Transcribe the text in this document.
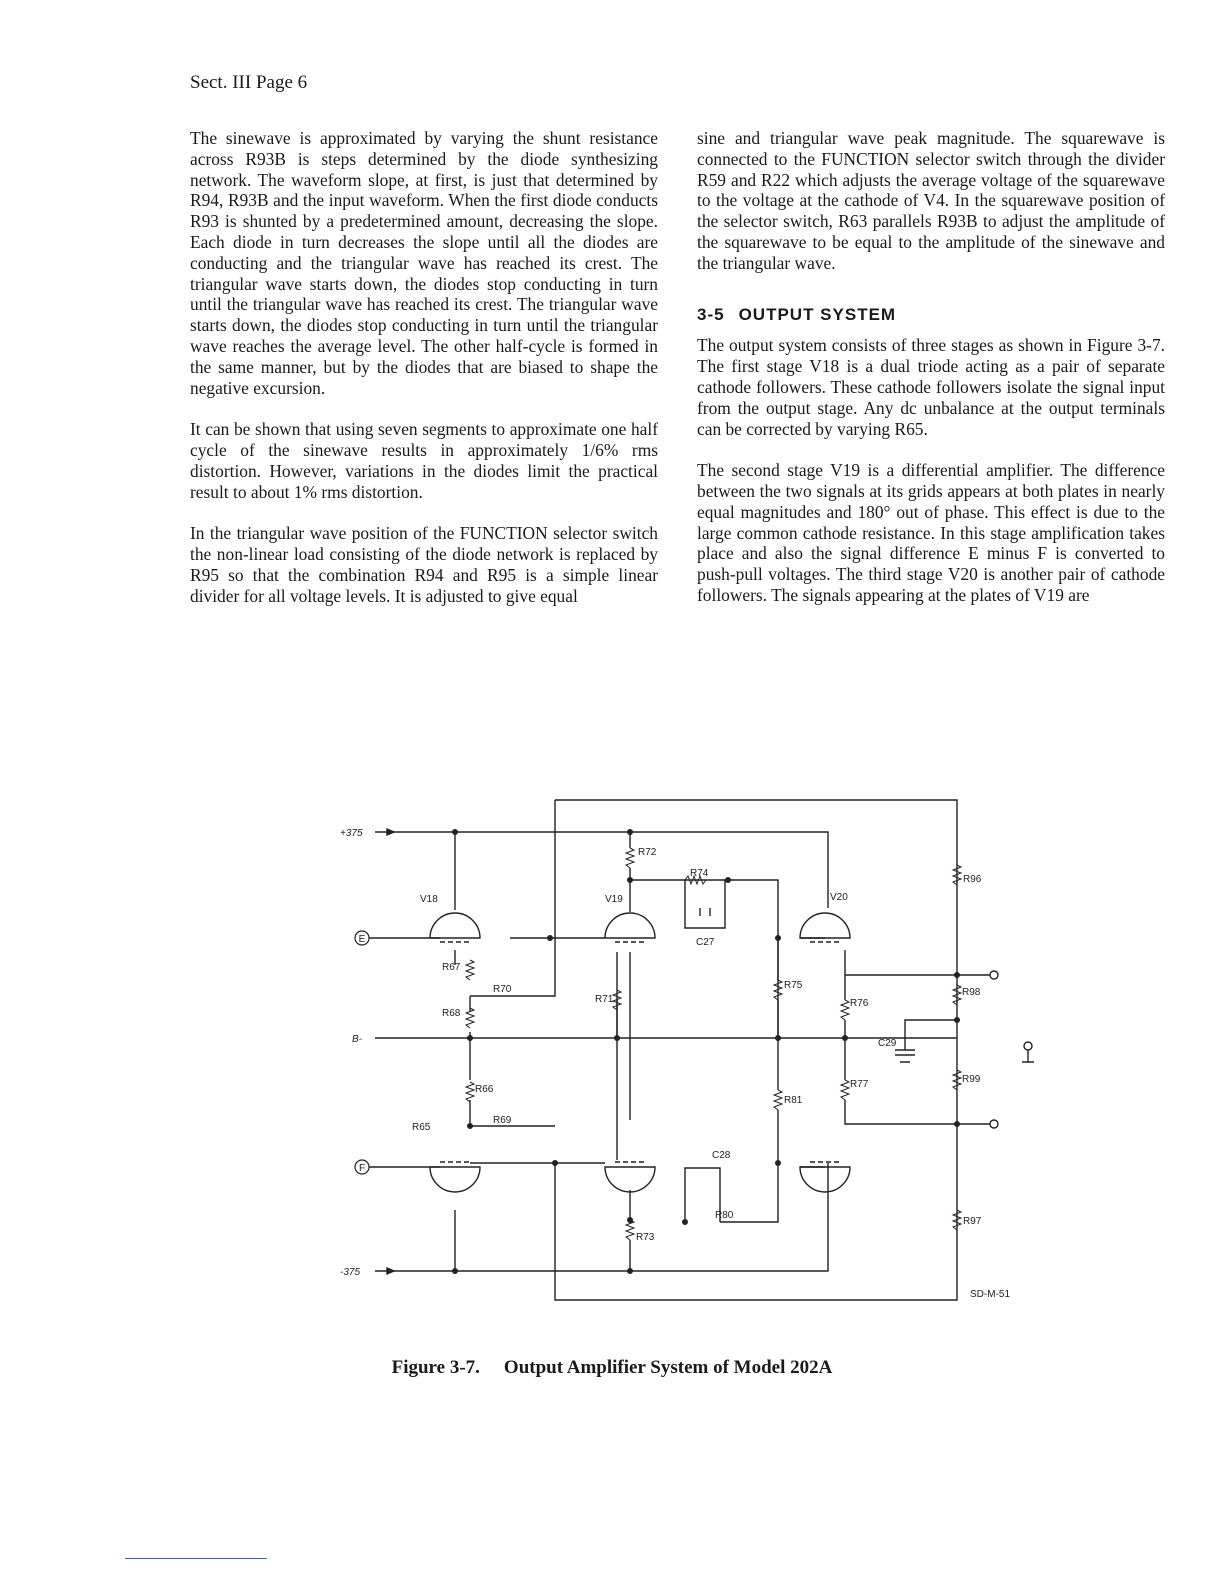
Sect. III Page 6

The sinewave is approximated by varying the shunt resistance across R93B is steps determined by the diode synthesizing network. The waveform slope, at first, is just that determined by R94, R93B and the input waveform. When the first diode conducts R93 is shunted by a predetermined amount, decreasing the slope. Each diode in turn decreases the slope until all the diodes are conducting and the triangular wave has reached its crest. The triangular wave starts down, the diodes stop conducting in turn until the triangular wave has reached its crest. The triangular wave starts down, the diodes stop conducting in turn until the triangular wave reaches the average level. The other half-cycle is formed in the same manner, but by the diodes that are biased to shape the negative excursion.

It can be shown that using seven segments to approximate one half cycle of the sinewave results in approximately 1/6% rms distortion. However, variations in the diodes limit the practical result to about 1% rms distortion.

In the triangular wave position of the FUNCTION selector switch the non-linear load consisting of the diode network is replaced by R95 so that the combination R94 and R95 is a simple linear divider for all voltage levels. It is adjusted to give equal

sine and triangular wave peak magnitude. The squarewave is connected to the FUNCTION selector switch through the divider R59 and R22 which adjusts the average voltage of the squarewave to the voltage at the cathode of V4. In the squarewave position of the selector switch, R63 parallels R93B to adjust the amplitude of the squarewave to be equal to the amplitude of the sinewave and the triangular wave.

3-5 OUTPUT SYSTEM

The output system consists of three stages as shown in Figure 3-7. The first stage V18 is a dual triode acting as a pair of separate cathode followers. These cathode followers isolate the signal input from the output stage. Any dc unbalance at the output terminals can be corrected by varying R65.

The second stage V19 is a differential amplifier. The difference between the two signals at its grids appears at both plates in nearly equal magnitudes and 180° out of phase. This effect is due to the large common cathode resistance. In this stage amplification takes place and also the signal difference E minus F is converted to push-pull voltages. The third stage V20 is another pair of cathode followers. The signals appearing at the plates of V19 are

+375
B-
-375
E
F
V18	V19	V20
R72
R74
R96
R67
R70
R71
R75
R76
R98
R68
R66
R65
R69
R77	R99
R81
R80
R73
R97
C27
C29
C28
SD-M-51
Figure 3-7. Output Amplifier System of Model 202A
